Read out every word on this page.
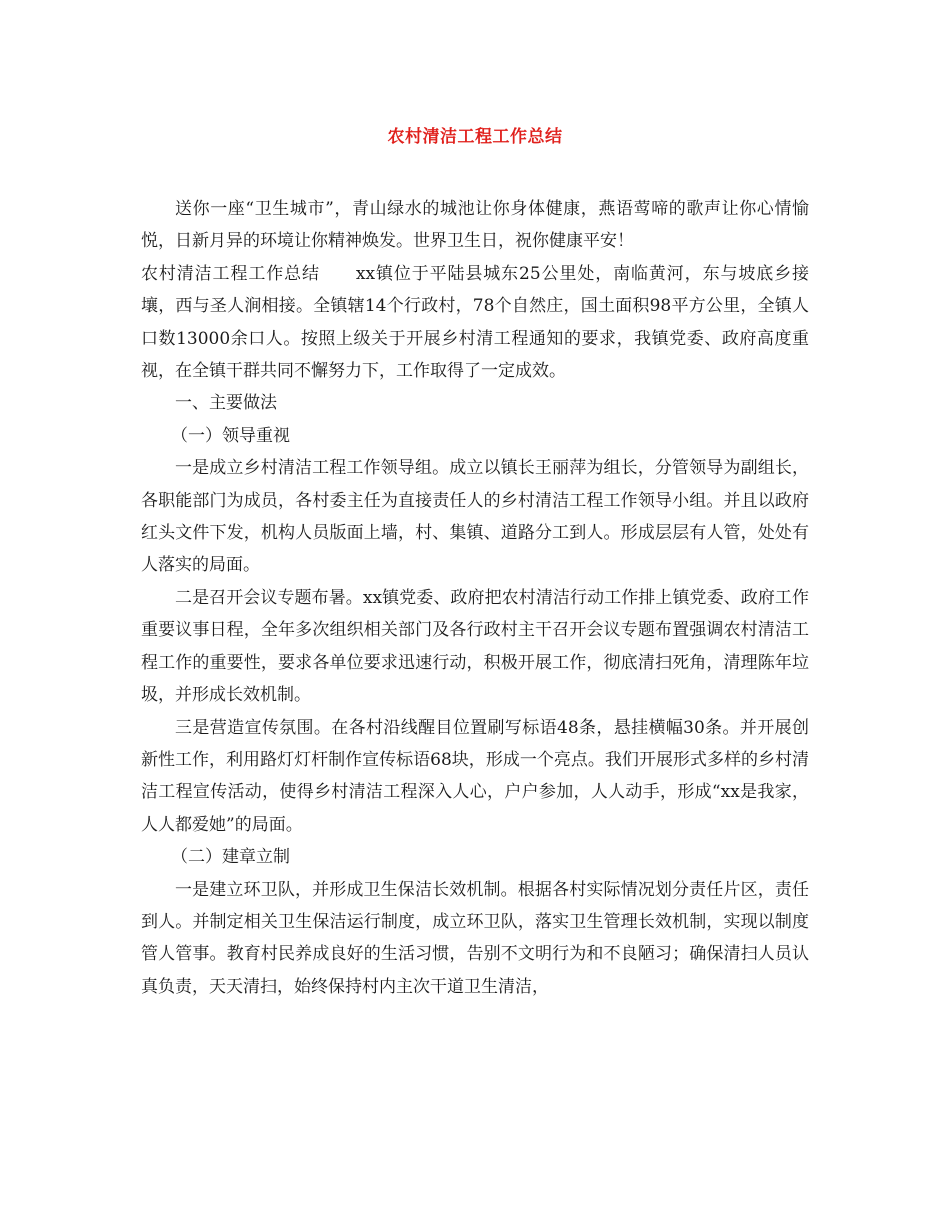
农村清洁工程工作总结

送你一座“卫生城市”，青山绿水的城池让你身体健康，燕语莺啼的歌声让你心情愉悦，日新月异的环境让你精神焕发。世界卫生日，祝你健康平安！

农村清洁工程工作总结 xx镇位于平陆县城东25公里处，南临黄河，东与坡底乡接壤，西与圣人涧相接。全镇辖14个行政村，78个自然庄，国土面积98平方公里，全镇人口数13000余口人。按照上级关于开展乡村清工程通知的要求，我镇党委、政府高度重视，在全镇干群共同不懈努力下，工作取得了一定成效。

一、主要做法

（一）领导重视

一是成立乡村清洁工程工作领导组。成立以镇长王丽萍为组长，分管领导为副组长，各职能部门为成员，各村委主任为直接责任人的乡村清洁工程工作领导小组。并且以政府红头文件下发，机构人员版面上墙，村、集镇、道路分工到人。形成层层有人管，处处有人落实的局面。

二是召开会议专题布暑。xx镇党委、政府把农村清洁行动工作排上镇党委、政府工作重要议事日程，全年多次组织相关部门及各行政村主干召开会议专题布置强调农村清洁工程工作的重要性，要求各单位要求迅速行动，积极开展工作，彻底清扫死角，清理陈年垃圾，并形成长效机制。

三是营造宣传氛围。在各村沿线醒目位置刷写标语48条，悬挂横幅30条。并开展创新性工作，利用路灯灯杆制作宣传标语68块，形成一个亮点。我们开展形式多样的乡村清洁工程宣传活动，使得乡村清洁工程深入人心，户户参加，人人动手，形成“xx是我家，人人都爱她”的局面。

（二）建章立制

一是建立环卫队，并形成卫生保洁长效机制。根据各村实际情况划分责任片区，责任到人。并制定相关卫生保洁运行制度，成立环卫队，落实卫生管理长效机制，实现以制度管人管事。教育村民养成良好的生活习惯，告别不文明行为和不良陋习；确保清扫人员认真负责，天天清扫，始终保持村内主次干道卫生清洁，
